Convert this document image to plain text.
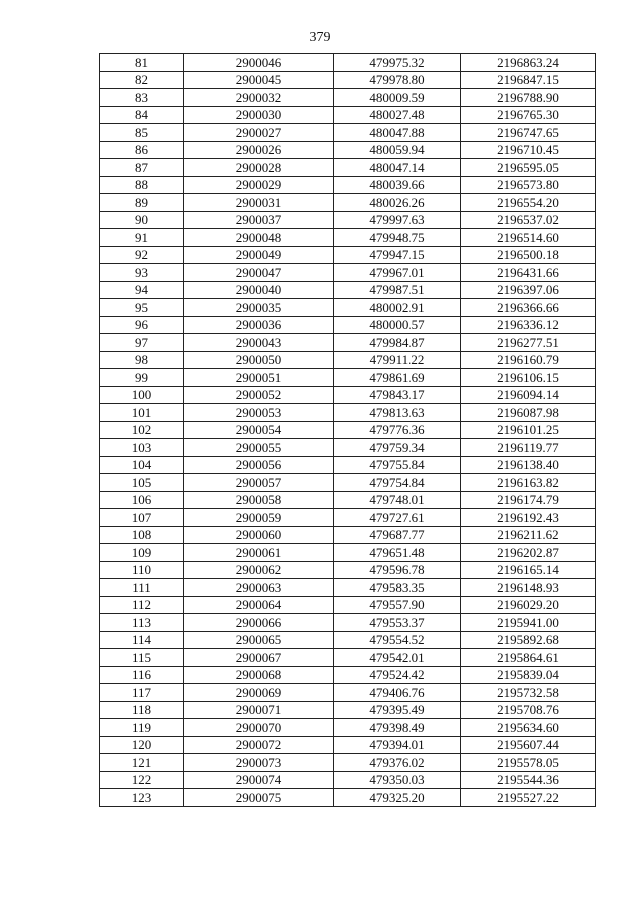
379
81	2900046	479975.32	2196863.24
82	2900045	479978.80	2196847.15
83	2900032	480009.59	2196788.90
84	2900030	480027.48	2196765.30
85	2900027	480047.88	2196747.65
86	2900026	480059.94	2196710.45
87	2900028	480047.14	2196595.05
88	2900029	480039.66	2196573.80
89	2900031	480026.26	2196554.20
90	2900037	479997.63	2196537.02
91	2900048	479948.75	2196514.60
92	2900049	479947.15	2196500.18
93	2900047	479967.01	2196431.66
94	2900040	479987.51	2196397.06
95	2900035	480002.91	2196366.66
96	2900036	480000.57	2196336.12
97	2900043	479984.87	2196277.51
98	2900050	479911.22	2196160.79
99	2900051	479861.69	2196106.15
100	2900052	479843.17	2196094.14
101	2900053	479813.63	2196087.98
102	2900054	479776.36	2196101.25
103	2900055	479759.34	2196119.77
104	2900056	479755.84	2196138.40
105	2900057	479754.84	2196163.82
106	2900058	479748.01	2196174.79
107	2900059	479727.61	2196192.43
108	2900060	479687.77	2196211.62
109	2900061	479651.48	2196202.87
110	2900062	479596.78	2196165.14
111	2900063	479583.35	2196148.93
112	2900064	479557.90	2196029.20
113	2900066	479553.37	2195941.00
114	2900065	479554.52	2195892.68
115	2900067	479542.01	2195864.61
116	2900068	479524.42	2195839.04
117	2900069	479406.76	2195732.58
118	2900071	479395.49	2195708.76
119	2900070	479398.49	2195634.60
120	2900072	479394.01	2195607.44
121	2900073	479376.02	2195578.05
122	2900074	479350.03	2195544.36
123	2900075	479325.20	2195527.22
